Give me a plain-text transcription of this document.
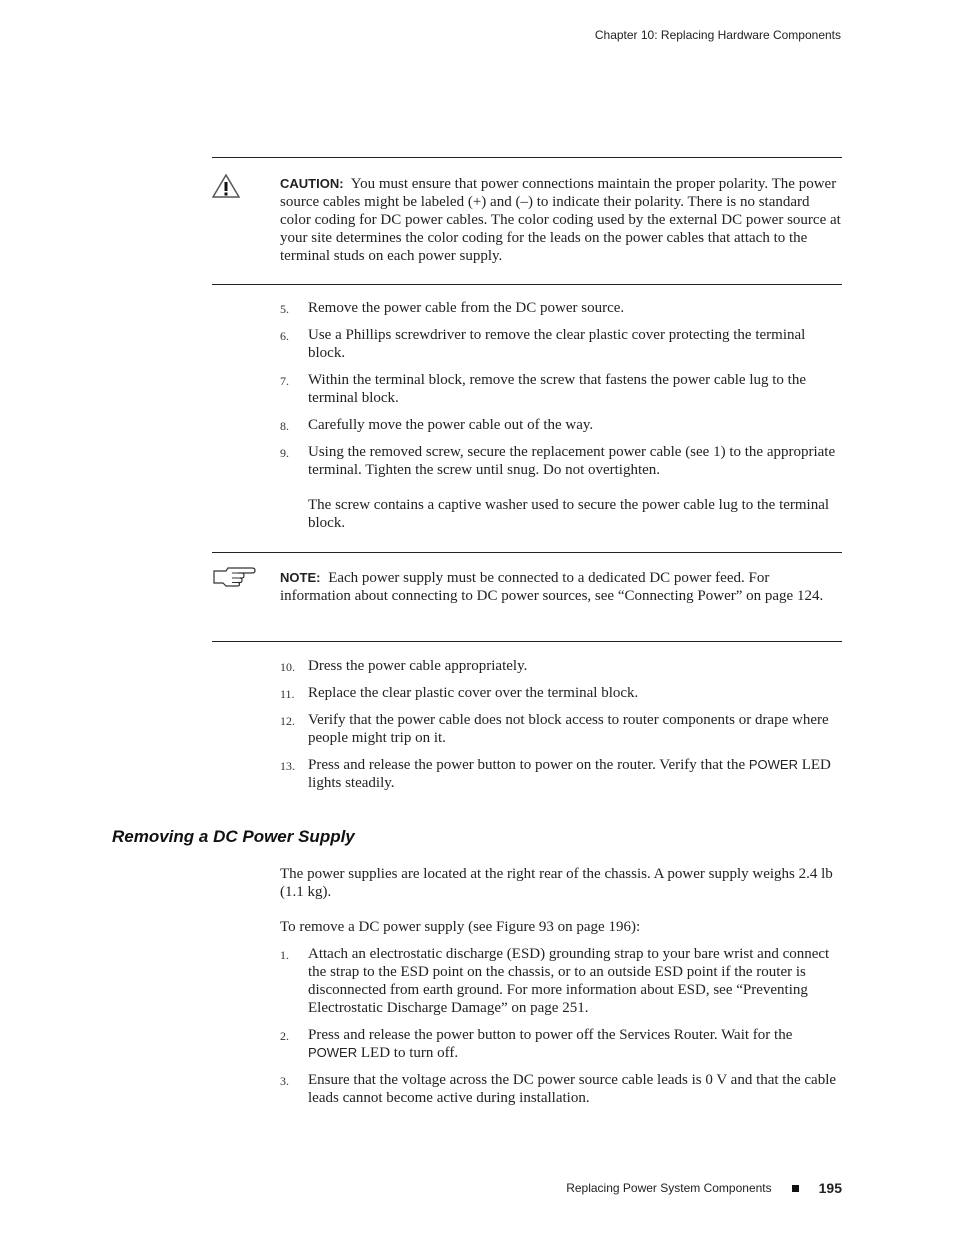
Chapter 10: Replacing Hardware Components
CAUTION: You must ensure that power connections maintain the proper polarity. The power source cables might be labeled (+) and (–) to indicate their polarity. There is no standard color coding for DC power cables. The color coding used by the external DC power source at your site determines the color coding for the leads on the power cables that attach to the terminal studs on each power supply.
5. Remove the power cable from the DC power source.
6. Use a Phillips screwdriver to remove the clear plastic cover protecting the terminal block.
7. Within the terminal block, remove the screw that fastens the power cable lug to the terminal block.
8. Carefully move the power cable out of the way.
9. Using the removed screw, secure the replacement power cable (see 1) to the appropriate terminal. Tighten the screw until snug. Do not overtighten.
The screw contains a captive washer used to secure the power cable lug to the terminal block.
NOTE: Each power supply must be connected to a dedicated DC power feed. For information about connecting to DC power sources, see “Connecting Power” on page 124.
10. Dress the power cable appropriately.
11. Replace the clear plastic cover over the terminal block.
12. Verify that the power cable does not block access to router components or drape where people might trip on it.
13. Press and release the power button to power on the router. Verify that the POWER LED lights steadily.
Removing a DC Power Supply

The power supplies are located at the right rear of the chassis. A power supply weighs 2.4 lb (1.1 kg).

To remove a DC power supply (see Figure 93 on page 196):

1. Attach an electrostatic discharge (ESD) grounding strap to your bare wrist and connect the strap to the ESD point on the chassis, or to an outside ESD point if the router is disconnected from earth ground. For more information about ESD, see “Preventing Electrostatic Discharge Damage” on page 251.
2. Press and release the power button to power off the Services Router. Wait for the POWER LED to turn off.
3. Ensure that the voltage across the DC power source cable leads is 0 V and that the cable leads cannot become active during installation.
Replacing Power System Components	195
